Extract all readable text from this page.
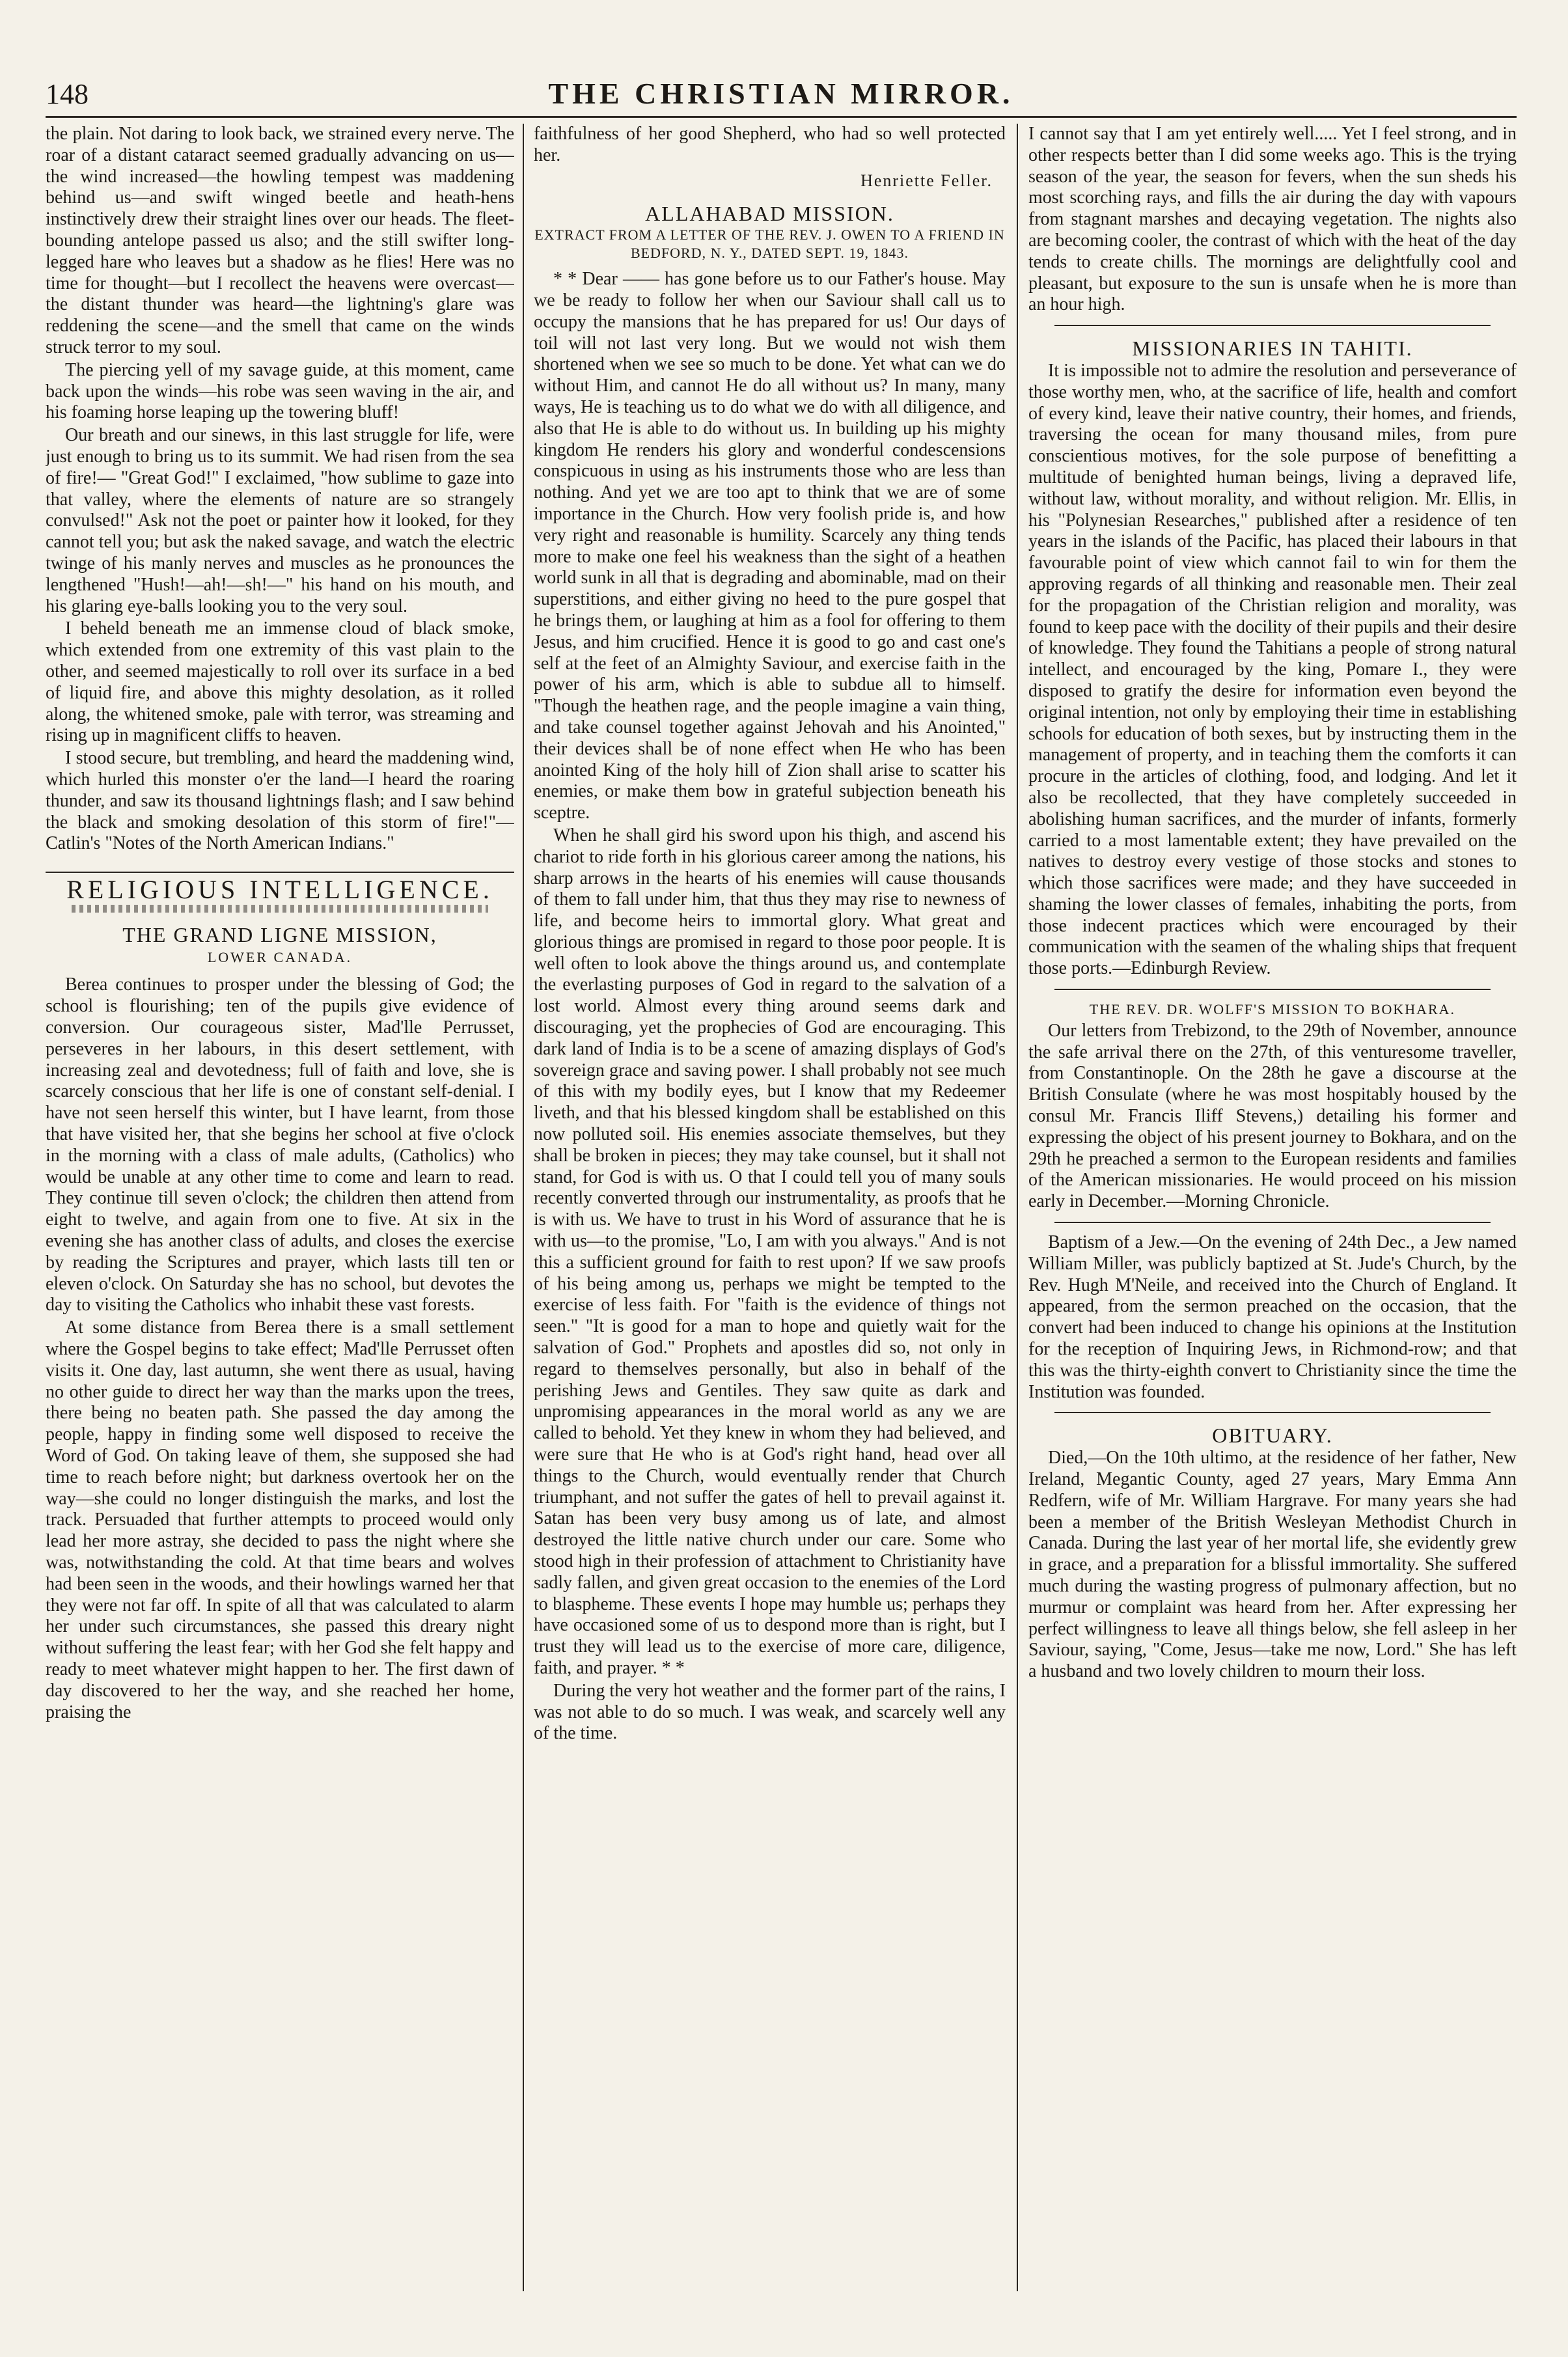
148	THE CHRISTIAN MIRROR.

the plain. Not daring to look back, we strained every nerve. The roar of a distant cataract seemed gradually advancing on us—the wind increased—the howling tempest was maddening behind us—and swift winged beetle and heath-hens instinctively drew their straight lines over our heads. The fleet-bounding antelope passed us also; and the still swifter long-legged hare who leaves but a shadow as he flies! Here was no time for thought—but I recollect the heavens were overcast—the distant thunder was heard—the lightning's glare was reddening the scene—and the smell that came on the winds struck terror to my soul.

The piercing yell of my savage guide, at this moment, came back upon the winds—his robe was seen waving in the air, and his foaming horse leaping up the towering bluff!

Our breath and our sinews, in this last struggle for life, were just enough to bring us to its summit. We had risen from the sea of fire!— "Great God!" I exclaimed, "how sublime to gaze into that valley, where the elements of nature are so strangely convulsed!" Ask not the poet or painter how it looked, for they cannot tell you; but ask the naked savage, and watch the electric twinge of his manly nerves and muscles as he pronounces the lengthened "Hush!—ah!—sh!—" his hand on his mouth, and his glaring eye-balls looking you to the very soul.

I beheld beneath me an immense cloud of black smoke, which extended from one extremity of this vast plain to the other, and seemed majestically to roll over its surface in a bed of liquid fire, and above this mighty desolation, as it rolled along, the whitened smoke, pale with terror, was streaming and rising up in magnificent cliffs to heaven.

I stood secure, but trembling, and heard the maddening wind, which hurled this monster o'er the land—I heard the roaring thunder, and saw its thousand lightnings flash; and I saw behind the black and smoking desolation of this storm of fire!"—Catlin's "Notes of the North American Indians."

RELIGIOUS INTELLIGENCE.
THE GRAND LIGNE MISSION,
LOWER CANADA.

Berea continues to prosper under the blessing of God; the school is flourishing; ten of the pupils give evidence of conversion. Our courageous sister, Mad'lle Perrusset, perseveres in her labours, in this desert settlement, with increasing zeal and devotedness; full of faith and love, she is scarcely conscious that her life is one of constant self-denial. I have not seen herself this winter, but I have learnt, from those that have visited her, that she begins her school at five o'clock in the morning with a class of male adults, (Catholics) who would be unable at any other time to come and learn to read. They continue till seven o'clock; the children then attend from eight to twelve, and again from one to five. At six in the evening she has another class of adults, and closes the exercise by reading the Scriptures and prayer, which lasts till ten or eleven o'clock. On Saturday she has no school, but devotes the day to visiting the Catholics who inhabit these vast forests.

At some distance from Berea there is a small settlement where the Gospel begins to take effect; Mad'lle Perrusset often visits it. One day, last autumn, she went there as usual, having no other guide to direct her way than the marks upon the trees, there being no beaten path. She passed the day among the people, happy in finding some well disposed to receive the Word of God. On taking leave of them, she supposed she had time to reach before night; but darkness overtook her on the way—she could no longer distinguish the marks, and lost the track. Persuaded that further attempts to proceed would only lead her more astray, she decided to pass the night where she was, notwithstanding the cold. At that time bears and wolves had been seen in the woods, and their howlings warned her that they were not far off. In spite of all that was calculated to alarm her under such circumstances, she passed this dreary night without suffering the least fear; with her God she felt happy and ready to meet whatever might happen to her. The first dawn of day discovered to her the way, and she reached her home, praising the

faithfulness of her good Shepherd, who had so well protected her.

Henriette Feller.
ALLAHABAD MISSION.
EXTRACT FROM A LETTER OF THE REV. J. OWEN TO A FRIEND IN BEDFORD, N. Y., DATED SEPT. 19, 1843.

* * Dear —— has gone before us to our Father's house. May we be ready to follow her when our Saviour shall call us to occupy the mansions that he has prepared for us! Our days of toil will not last very long. But we would not wish them shortened when we see so much to be done. Yet what can we do without Him, and cannot He do all without us? In many, many ways, He is teaching us to do what we do with all diligence, and also that He is able to do without us. In building up his mighty kingdom He renders his glory and wonderful condescensions conspicuous in using as his instruments those who are less than nothing. And yet we are too apt to think that we are of some importance in the Church. How very foolish pride is, and how very right and reasonable is humility. Scarcely any thing tends more to make one feel his weakness than the sight of a heathen world sunk in all that is degrading and abominable, mad on their superstitions, and either giving no heed to the pure gospel that he brings them, or laughing at him as a fool for offering to them Jesus, and him crucified. Hence it is good to go and cast one's self at the feet of an Almighty Saviour, and exercise faith in the power of his arm, which is able to subdue all to himself. "Though the heathen rage, and the people imagine a vain thing, and take counsel together against Jehovah and his Anointed," their devices shall be of none effect when He who has been anointed King of the holy hill of Zion shall arise to scatter his enemies, or make them bow in grateful subjection beneath his sceptre.

When he shall gird his sword upon his thigh, and ascend his chariot to ride forth in his glorious career among the nations, his sharp arrows in the hearts of his enemies will cause thousands of them to fall under him, that thus they may rise to newness of life, and become heirs to immortal glory. What great and glorious things are promised in regard to those poor people. It is well often to look above the things around us, and contemplate the everlasting purposes of God in regard to the salvation of a lost world. Almost every thing around seems dark and discouraging, yet the prophecies of God are encouraging. This dark land of India is to be a scene of amazing displays of God's sovereign grace and saving power. I shall probably not see much of this with my bodily eyes, but I know that my Redeemer liveth, and that his blessed kingdom shall be established on this now polluted soil. His enemies associate themselves, but they shall be broken in pieces; they may take counsel, but it shall not stand, for God is with us. O that I could tell you of many souls recently converted through our instrumentality, as proofs that he is with us. We have to trust in his Word of assurance that he is with us—to the promise, "Lo, I am with you always." And is not this a sufficient ground for faith to rest upon? If we saw proofs of his being among us, perhaps we might be tempted to the exercise of less faith. For "faith is the evidence of things not seen." "It is good for a man to hope and quietly wait for the salvation of God." Prophets and apostles did so, not only in regard to themselves personally, but also in behalf of the perishing Jews and Gentiles. They saw quite as dark and unpromising appearances in the moral world as any we are called to behold. Yet they knew in whom they had believed, and were sure that He who is at God's right hand, head over all things to the Church, would eventually render that Church triumphant, and not suffer the gates of hell to prevail against it. Satan has been very busy among us of late, and almost destroyed the little native church under our care. Some who stood high in their profession of attachment to Christianity have sadly fallen, and given great occasion to the enemies of the Lord to blaspheme. These events I hope may humble us; perhaps they have occasioned some of us to despond more than is right, but I trust they will lead us to the exercise of more care, diligence, faith, and prayer. * *

During the very hot weather and the former part of the rains, I was not able to do so much. I was weak, and scarcely well any of the time.

I cannot say that I am yet entirely well..... Yet I feel strong, and in other respects better than I did some weeks ago. This is the trying season of the year, the season for fevers, when the sun sheds his most scorching rays, and fills the air during the day with vapours from stagnant marshes and decaying vegetation. The nights also are becoming cooler, the contrast of which with the heat of the day tends to create chills. The mornings are delightfully cool and pleasant, but exposure to the sun is unsafe when he is more than an hour high.

MISSIONARIES IN TAHITI.

It is impossible not to admire the resolution and perseverance of those worthy men, who, at the sacrifice of life, health and comfort of every kind, leave their native country, their homes, and friends, traversing the ocean for many thousand miles, from pure conscientious motives, for the sole purpose of benefitting a multitude of benighted human beings, living a depraved life, without law, without morality, and without religion. Mr. Ellis, in his "Polynesian Researches," published after a residence of ten years in the islands of the Pacific, has placed their labours in that favourable point of view which cannot fail to win for them the approving regards of all thinking and reasonable men. Their zeal for the propagation of the Christian religion and morality, was found to keep pace with the docility of their pupils and their desire of knowledge. They found the Tahitians a people of strong natural intellect, and encouraged by the king, Pomare I., they were disposed to gratify the desire for information even beyond the original intention, not only by employing their time in establishing schools for education of both sexes, but by instructing them in the management of property, and in teaching them the comforts it can procure in the articles of clothing, food, and lodging. And let it also be recollected, that they have completely succeeded in abolishing human sacrifices, and the murder of infants, formerly carried to a most lamentable extent; they have prevailed on the natives to destroy every vestige of those stocks and stones to which those sacrifices were made; and they have succeeded in shaming the lower classes of females, inhabiting the ports, from those indecent practices which were encouraged by their communication with the seamen of the whaling ships that frequent those ports.—Edinburgh Review.

THE REV. DR. WOLFF'S MISSION TO BOKHARA.

Our letters from Trebizond, to the 29th of November, announce the safe arrival there on the 27th, of this venturesome traveller, from Constantinople. On the 28th he gave a discourse at the British Consulate (where he was most hospitably housed by the consul Mr. Francis Iliff Stevens,) detailing his former and expressing the object of his present journey to Bokhara, and on the 29th he preached a sermon to the European residents and families of the American missionaries. He would proceed on his mission early in December.—Morning Chronicle.

Baptism of a Jew.—On the evening of 24th Dec., a Jew named William Miller, was publicly baptized at St. Jude's Church, by the Rev. Hugh M'Neile, and received into the Church of England. It appeared, from the sermon preached on the occasion, that the convert had been induced to change his opinions at the Institution for the reception of Inquiring Jews, in Richmond-row; and that this was the thirty-eighth convert to Christianity since the time the Institution was founded.

OBITUARY.

Died,—On the 10th ultimo, at the residence of her father, New Ireland, Megantic County, aged 27 years, Mary Emma Ann Redfern, wife of Mr. William Hargrave. For many years she had been a member of the British Wesleyan Methodist Church in Canada. During the last year of her mortal life, she evidently grew in grace, and a preparation for a blissful immortality. She suffered much during the wasting progress of pulmonary affection, but no murmur or complaint was heard from her. After expressing her perfect willingness to leave all things below, she fell asleep in her Saviour, saying, "Come, Jesus—take me now, Lord." She has left a husband and two lovely children to mourn their loss.
